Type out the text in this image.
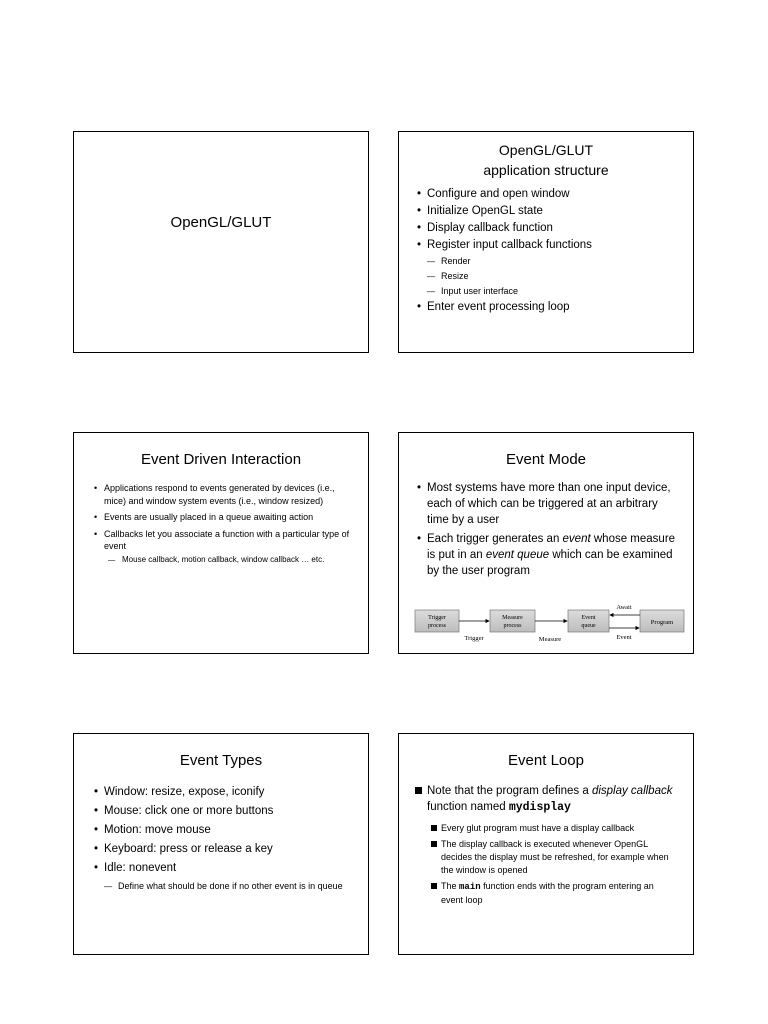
OpenGL/GLUT
OpenGL/GLUT
application structure
• Configure and open window
• Initialize OpenGL state
• Display callback function
• Register input callback functions
— Render
— Resize
— Input user interface
• Enter event processing loop
Event Driven Interaction
• Applications respond to events generated by devices (i.e., mice) and window system events (i.e., window resized)
• Events are usually placed in a queue awaiting action
• Callbacks let you associate a function with a particular type of event
— Mouse callback, motion callback, window callback … etc.
Event Mode
• Most systems have more than one input device, each of which can be triggered at an arbitrary time by a user
• Each trigger generates an event whose measure is put in an event queue which can be examined by the user program
Trigger
process
Measure
process
Event
queue	Program
Trigger	Measure
Await
Event
Event Types
• Window: resize, expose, iconify
• Mouse: click one or more buttons
• Motion: move mouse
• Keyboard: press or release a key
• Idle: nonevent
— Define what should be done if no other event is in queue
Event Loop
Note that the program defines a display callback function named mydisplay
Every glut program must have a display callback
The display callback is executed whenever OpenGL decides the display must be refreshed, for example when the window is opened
The main function ends with the program entering an event loop
